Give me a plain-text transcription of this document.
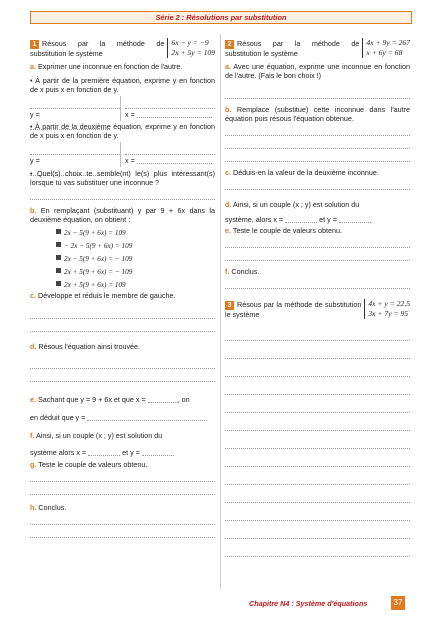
Série 2 : Résolutions par substitution
1 Résous par la méthode de substitution le système
6x − y = −9
2x + 5y = 109

a. Exprimer une inconnue en fonction de l'autre.

• À partir de la première équation, exprime y en fonction de x puis x en fonction de y.

y =	x =

• À partir de la deuxième équation, exprime y en fonction de x puis x en fonction de y.

y =	x =

• Quel(s) choix te semble(nt) le(s) plus intéressant(s) lorsque tu vas substituer une inconnue ?

b. En remplaçant (substituant) y par 9 + 6x dans la deuxième équation, on obtient :

2x − 5(9 + 6x) = 109
− 2x − 5(9 + 6x) = 109
2x − 5(9 + 6x) = − 109
2x + 5(9 + 6x) = − 109
2x + 5(9 + 6x) = 109

c. Développe et réduis le membre de gauche.

d. Résous l'équation ainsi trouvée.

e. Sachant que y = 9 + 6x et que x =	, on

en déduit que y =

f. Ainsi, si un couple (x ; y) est solution du

système alors x =	et y =

g. Teste le couple de valeurs obtenu.

h. Conclus.

2 Résous par la méthode de substitution le système
4x + 9y = 267
x + 6y = 68

a. Avec une équation, exprime une inconnue en fonction de l'autre. (Fais le bon choix !)

b. Remplace (substitue) cette inconnue dans l'autre équation puis résous l'équation obtenue.

c. Déduis-en la valeur de la deuxième inconnue.

d. Ainsi, si un couple (x ; y) est solution du

système, alors x =	et y =

e. Teste le couple de valeurs obtenu.

f. Conclus.

3 Résous par la méthode de substitution le système
4x + y = 22,5
3x + 7y = 95
Chapitre N4 : Système d'équations	37
